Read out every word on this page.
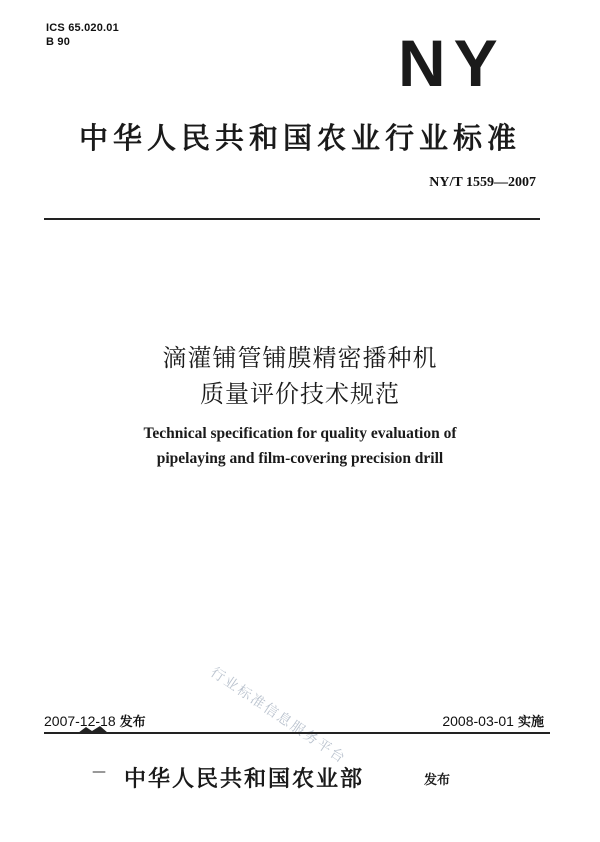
ICS 65.020.01
B 90	NY
中华人民共和国农业行业标准
NY/T 1559—2007
滴灌铺管铺膜精密播种机
质量评价技术规范
Technical specification for quality evaluation of
pipelaying and film-covering precision drill
行业标准信息服务平台
2007-12-18 发布	2008-03-01 实施
— 中华人民共和国农业部	发布
